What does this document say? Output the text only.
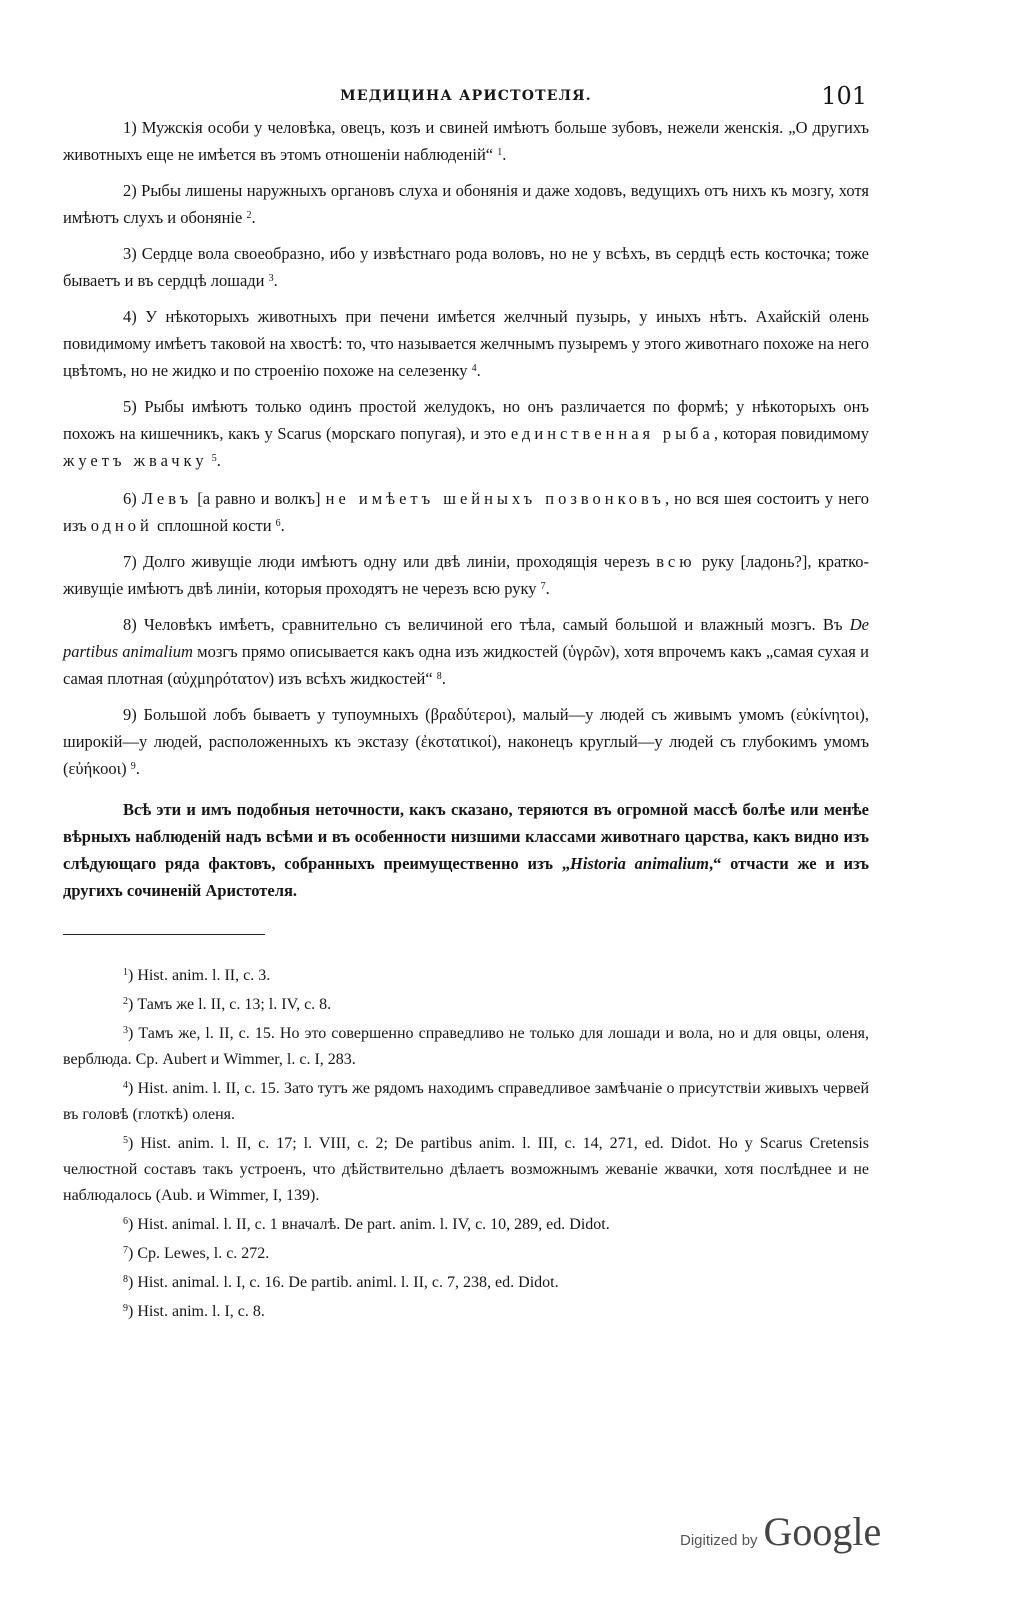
МЕДИЦИНА АРИСТОТЕЛЯ.	101

1) Мужскія особи у человѣка, овецъ, козъ и свиней имѣютъ больше зубовъ, нежели женскія. „О другихъ животныхъ еще не имѣется въ этомъ отношеніи наблюденій“ $^1$.

2) Рыбы лишены наружныхъ органовъ слуха и обонянія и даже ходовъ, ведущихъ отъ нихъ къ мозгу, хотя имѣютъ слухъ и обоняніе $^2$.

3) Сердце вола своеобразно, ибо у извѣстнаго рода воловъ, но не у всѣхъ, въ сердцѣ есть косточка; тоже бываетъ и въ сердцѣ лошади $^3$.

4) У нѣкоторыхъ животныхъ при печени имѣется желчный пузырь, у иныхъ нѣтъ. Ахайскій олень повидимому имѣетъ таковой на хвостѣ: то, что называется желчнымъ пузыремъ у этого животнаго похоже на него цвѣтомъ, но не жидко и по строенію похоже на селезенку $^4$.

5) Рыбы имѣютъ только одинъ простой желудокъ, но онъ различается по формѣ; у нѣкоторыхъ онъ похожъ на кишечникъ, какъ у Scarus (морскаго попугая), и это единственная рыба, которая повидимому жуетъ жвачку $^5$.

6) Левъ [а равно и волкъ] не имѣетъ шейныхъ позвонковъ, но вся шея состоитъ у него изъ одной сплошной кости $^6$.

7) Долго живущіе люди имѣютъ одну или двѣ линіи, проходящія черезъ всю руку [ладонь?], кратко-живущіе имѣютъ двѣ линіи, которыя проходятъ не черезъ всю руку $^7$.

8) Человѣкъ имѣетъ, сравнительно съ величиной его тѣла, самый большой и влажный мозгъ. Въ De partibus animalium мозгъ прямо описывается какъ одна изъ жидкостей (ὑγρῶν), хотя впрочемъ какъ „самая сухая и самая плотная (αὐχμηρότατον) изъ всѣхъ жидкостей“ $^8$.

9) Большой лобъ бываетъ у тупоумныхъ (βραδύτεροι), малый—у людей съ живымъ умомъ (εὐκίνητοι), широкій—у людей, расположенныхъ къ экстазу (ἐκστατικοί), наконецъ круглый—у людей съ глубокимъ умомъ (εὐήκοοι) $^9$.

Всѣ эти и имъ подобныя неточности, какъ сказано, теряются въ огромной массѣ болѣе или менѣе вѣрныхъ наблюденій надъ всѣми и въ особенности низшими классами животнаго царства, какъ видно изъ слѣдующаго ряда фактовъ, собранныхъ преимущественно изъ „Historia animalium,“ отчасти же и изъ другихъ сочиненій Аристотеля.

$^1$) Hist. anim. l. II, c. 3.

$^2$) Тамъ же l. II, c. 13; l. IV, c. 8.

$^3$) Тамъ же, l. II, c. 15. Но это совершенно справедливо не только для лошади и вола, но и для овцы, оленя, верблюда. Ср. Aubert и Wimmer, l. c. I, 283.

$^4$) Hist. anim. l. II, c. 15. Зато тутъ же рядомъ находимъ справедливое замѣчаніе о присутствіи живыхъ червей въ головѣ (глоткѣ) оленя.

$^5$) Hist. anim. l. II, c. 17; l. VIII, c. 2; De partibus anim. l. III, c. 14, 271, ed. Didot. Но у Scarus Cretensis челюстной составъ такъ устроенъ, что дѣйствительно дѣлаетъ возможнымъ жеваніе жвачки, хотя послѣднее и не наблюдалось (Aub. и Wimmer, I, 139).

$^6$) Hist. animal. l. II, c. 1 вначалѣ. De part. anim. l. IV, c. 10, 289, ed. Didot.

$^7$) Ср. Lewes, l. c. 272.

$^8$) Hist. animal. l. I, c. 16. De partib. animl. l. II, c. 7, 238, ed. Didot.

$^9$) Hist. anim. l. I, c. 8.

Digitized by Google
